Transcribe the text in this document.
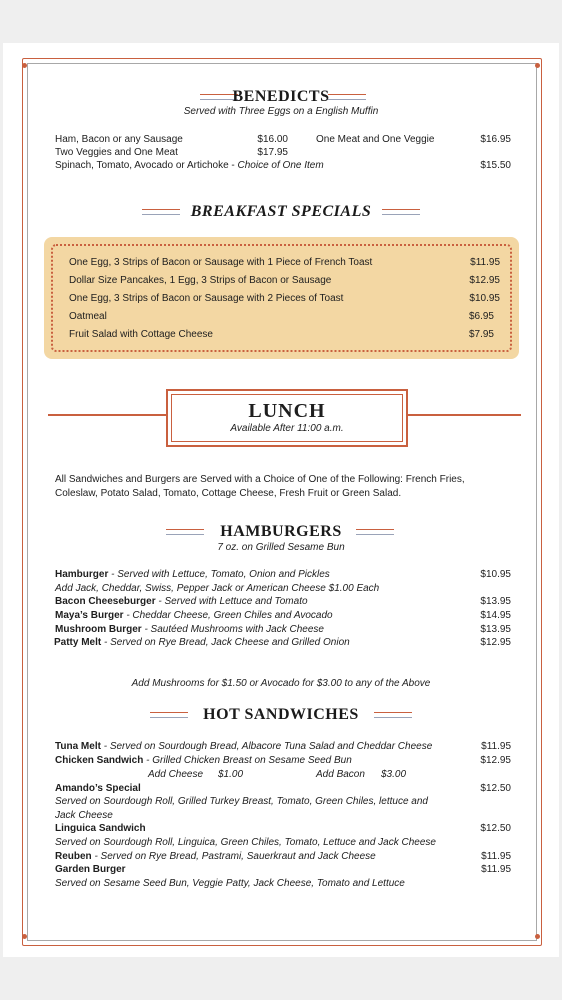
BENEDICTS
Served with Three Eggs on a English Muffin
Ham, Bacon or any Sausage	$16.00	One Meat and One Veggie	$16.95
Two Veggies and One Meat	$17.95
Spinach, Tomato, Avocado or Artichoke - Choice of One Item	$15.50
BREAKFAST SPECIALS
One Egg, 3 Strips of Bacon or Sausage with 1 Piece of French Toast	$11.95
Dollar Size Pancakes, 1 Egg, 3 Strips of Bacon or Sausage	$12.95
One Egg, 3 Strips of Bacon or Sausage with 2 Pieces of Toast	$10.95
Oatmeal	$6.95
Fruit Salad with Cottage Cheese	$7.95
LUNCH
Available After 11:00 a.m.
All Sandwiches and Burgers are Served with a Choice of One of the Following: French Fries, Coleslaw, Potato Salad, Tomato, Cottage Cheese, Fresh Fruit or Green Salad.
HAMBURGERS
7 oz. on Grilled Sesame Bun
Hamburger - Served with Lettuce, Tomato, Onion and Pickles	$10.95
Add Jack, Cheddar, Swiss, Pepper Jack or American Cheese $1.00 Each
Bacon Cheeseburger - Served with Lettuce and Tomato	$13.95
Maya’s Burger - Cheddar Cheese, Green Chiles and Avocado	$14.95
Mushroom Burger - Sautéed Mushrooms with Jack Cheese	$13.95
Patty Melt - Served on Rye Bread, Jack Cheese and Grilled Onion	$12.95
Add Mushrooms for $1.50 or Avocado for $3.00 to any of the Above
HOT SANDWICHES
Tuna Melt - Served on Sourdough Bread, Albacore Tuna Salad and Cheddar Cheese	$11.95
Chicken Sandwich - Grilled Chicken Breast on Sesame Seed Bun	$12.95
Add Cheese $1.00	Add Bacon $3.00
Amando’s Special	$12.50
Served on Sourdough Roll, Grilled Turkey Breast, Tomato, Green Chiles, lettuce and
Jack Cheese
Linguica Sandwich	$12.50
Served on Sourdough Roll, Linguica, Green Chiles, Tomato, Lettuce and Jack Cheese
Reuben - Served on Rye Bread, Pastrami, Sauerkraut and Jack Cheese	$11.95
Garden Burger	$11.95
Served on Sesame Seed Bun, Veggie Patty, Jack Cheese, Tomato and Lettuce
